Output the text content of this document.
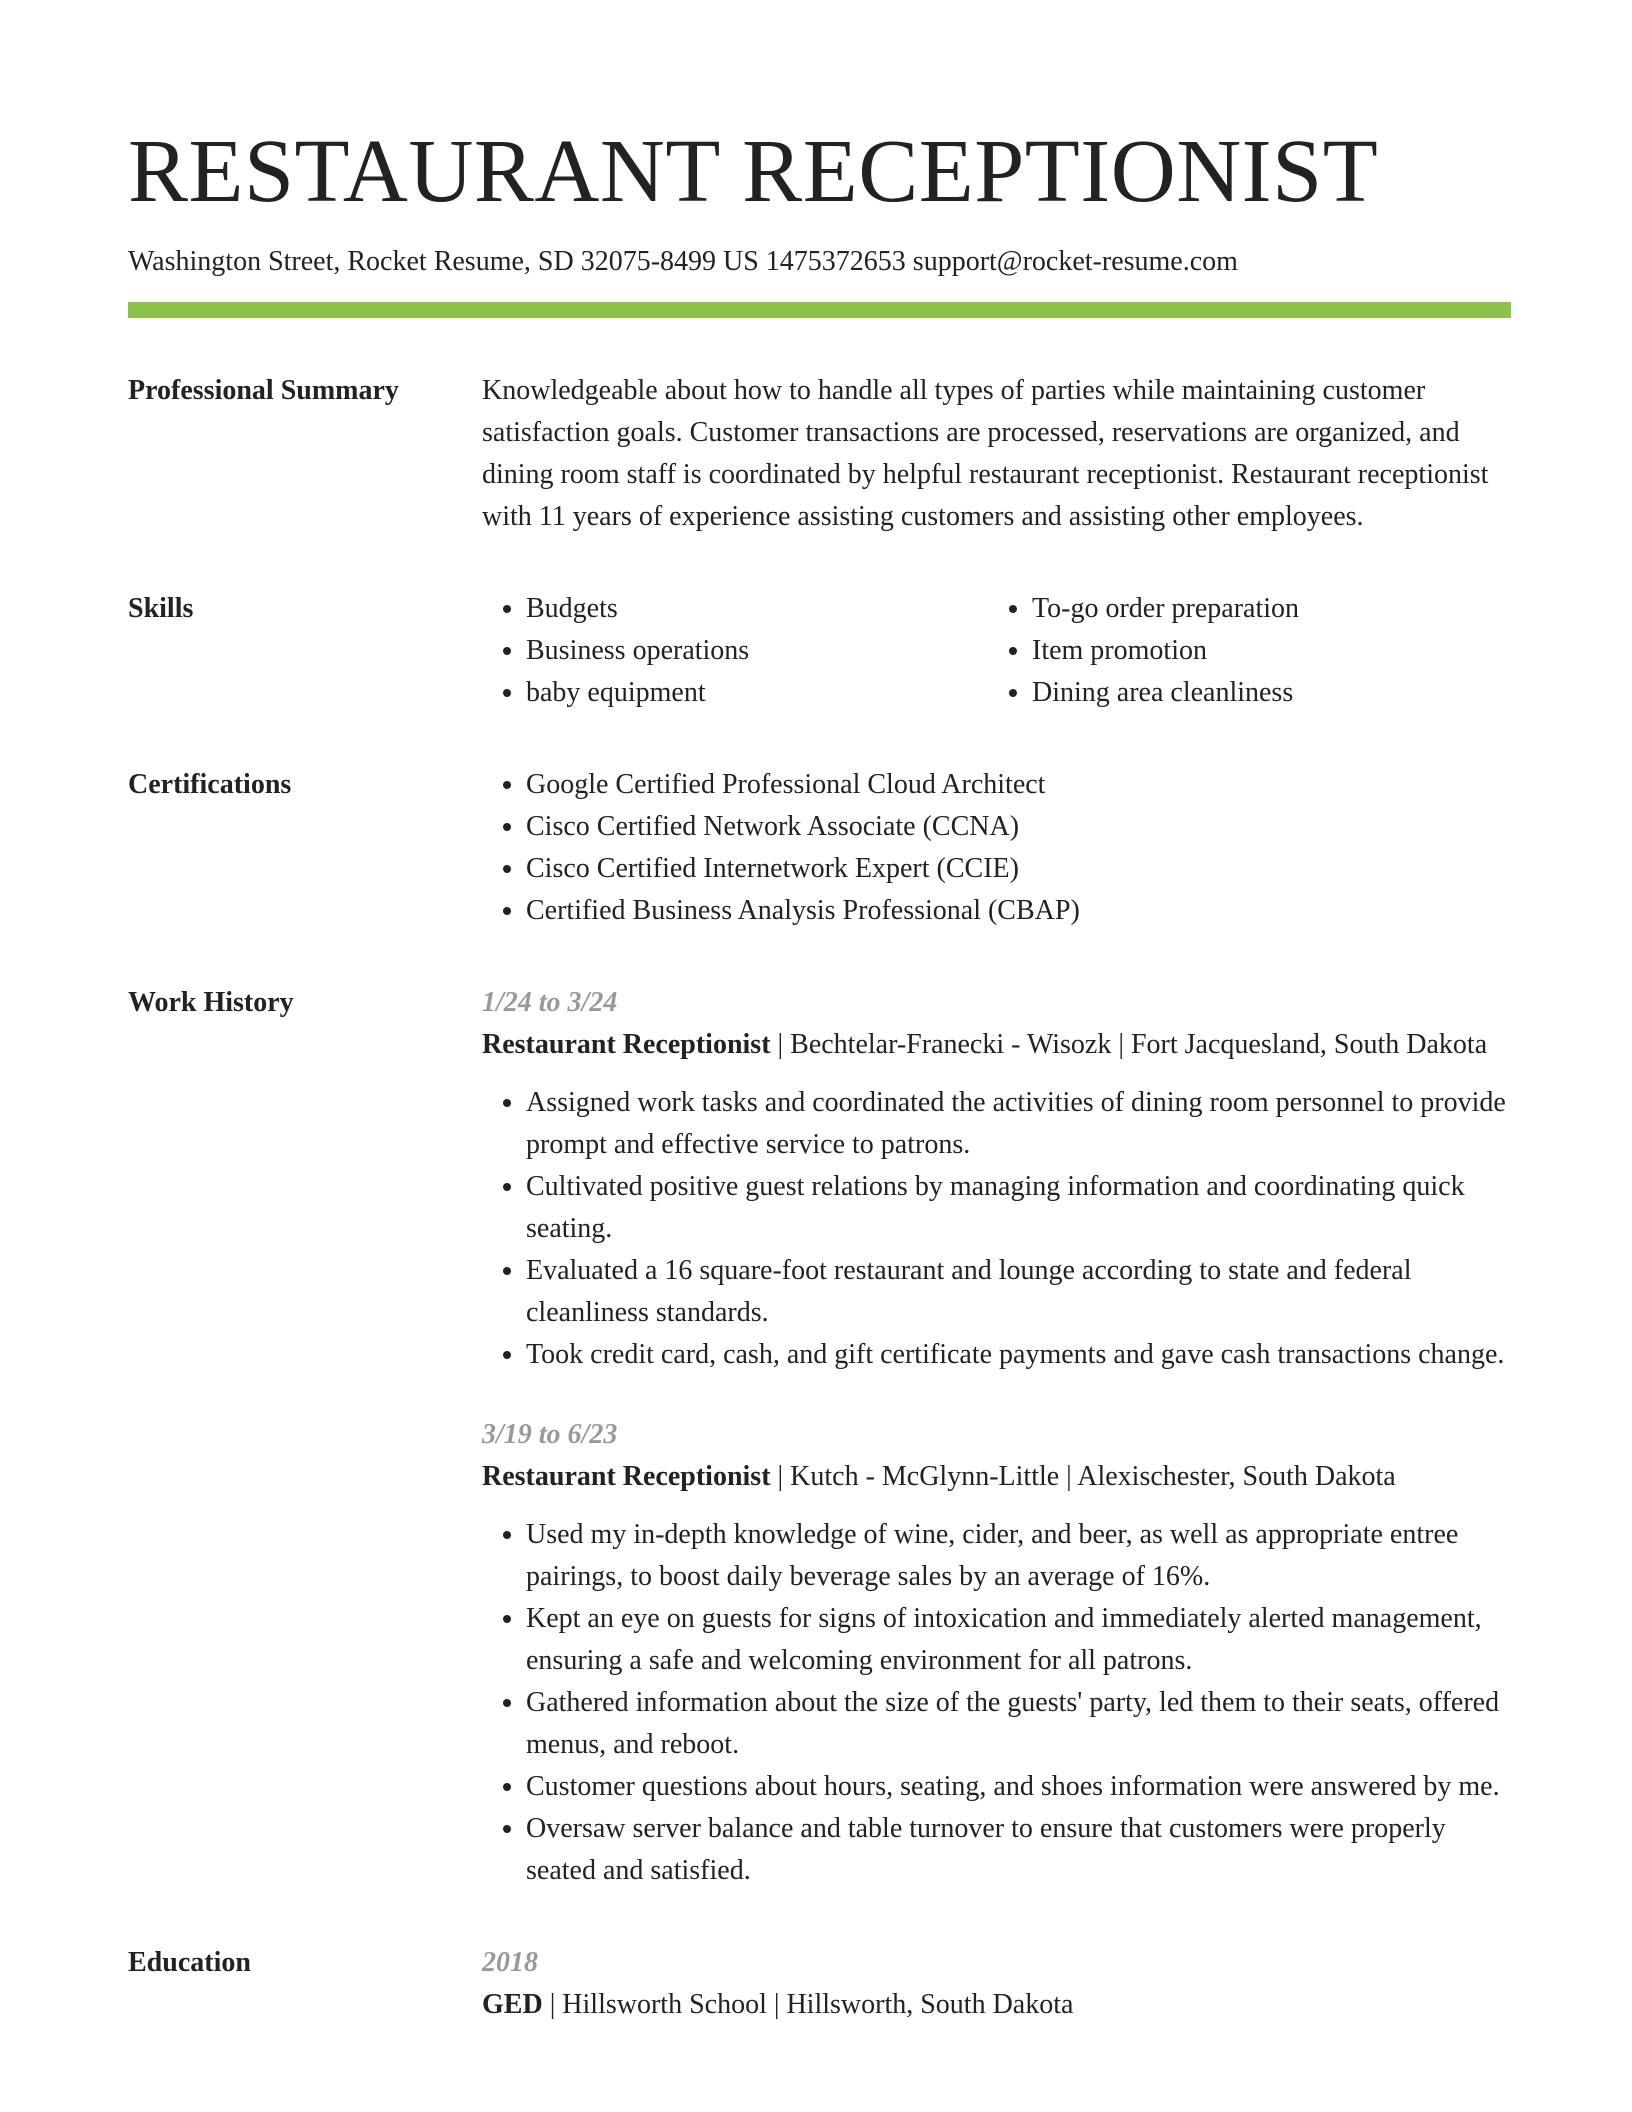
RESTAURANT RECEPTIONIST
Washington Street, Rocket Resume, SD 32075-8499 US 1475372653 support@rocket-resume.com
Professional Summary	Knowledgeable about how to handle all types of parties while maintaining customer satisfaction goals. Customer transactions are processed, reservations are organized, and dining room staff is coordinated by helpful restaurant receptionist. Restaurant receptionist with 11 years of experience assisting customers and assisting other employees.

Skills	• Budgets
• Business operations
• baby equipment
• To-go order preparation
• Item promotion
• Dining area cleanliness
Certifications	• Google Certified Professional Cloud Architect
• Cisco Certified Network Associate (CCNA)
• Cisco Certified Internetwork Expert (CCIE)
• Certified Business Analysis Professional (CBAP)
Work History	1/24 to 3/24
Restaurant Receptionist | Bechtelar-Franecki - Wisozk | Fort Jacquesland, South Dakota
• Assigned work tasks and coordinated the activities of dining room personnel to provide prompt and effective service to patrons.
• Cultivated positive guest relations by managing information and coordinating quick seating.
• Evaluated a 16 square-foot restaurant and lounge according to state and federal cleanliness standards.
• Took credit card, cash, and gift certificate payments and gave cash transactions change.
3/19 to 6/23
Restaurant Receptionist | Kutch - McGlynn-Little | Alexischester, South Dakota
• Used my in-depth knowledge of wine, cider, and beer, as well as appropriate entree pairings, to boost daily beverage sales by an average of 16%.
• Kept an eye on guests for signs of intoxication and immediately alerted management, ensuring a safe and welcoming environment for all patrons.
• Gathered information about the size of the guests' party, led them to their seats, offered menus, and reboot.
• Customer questions about hours, seating, and shoes information were answered by me.
• Oversaw server balance and table turnover to ensure that customers were properly seated and satisfied.
Education	2018
GED | Hillsworth School | Hillsworth, South Dakota
